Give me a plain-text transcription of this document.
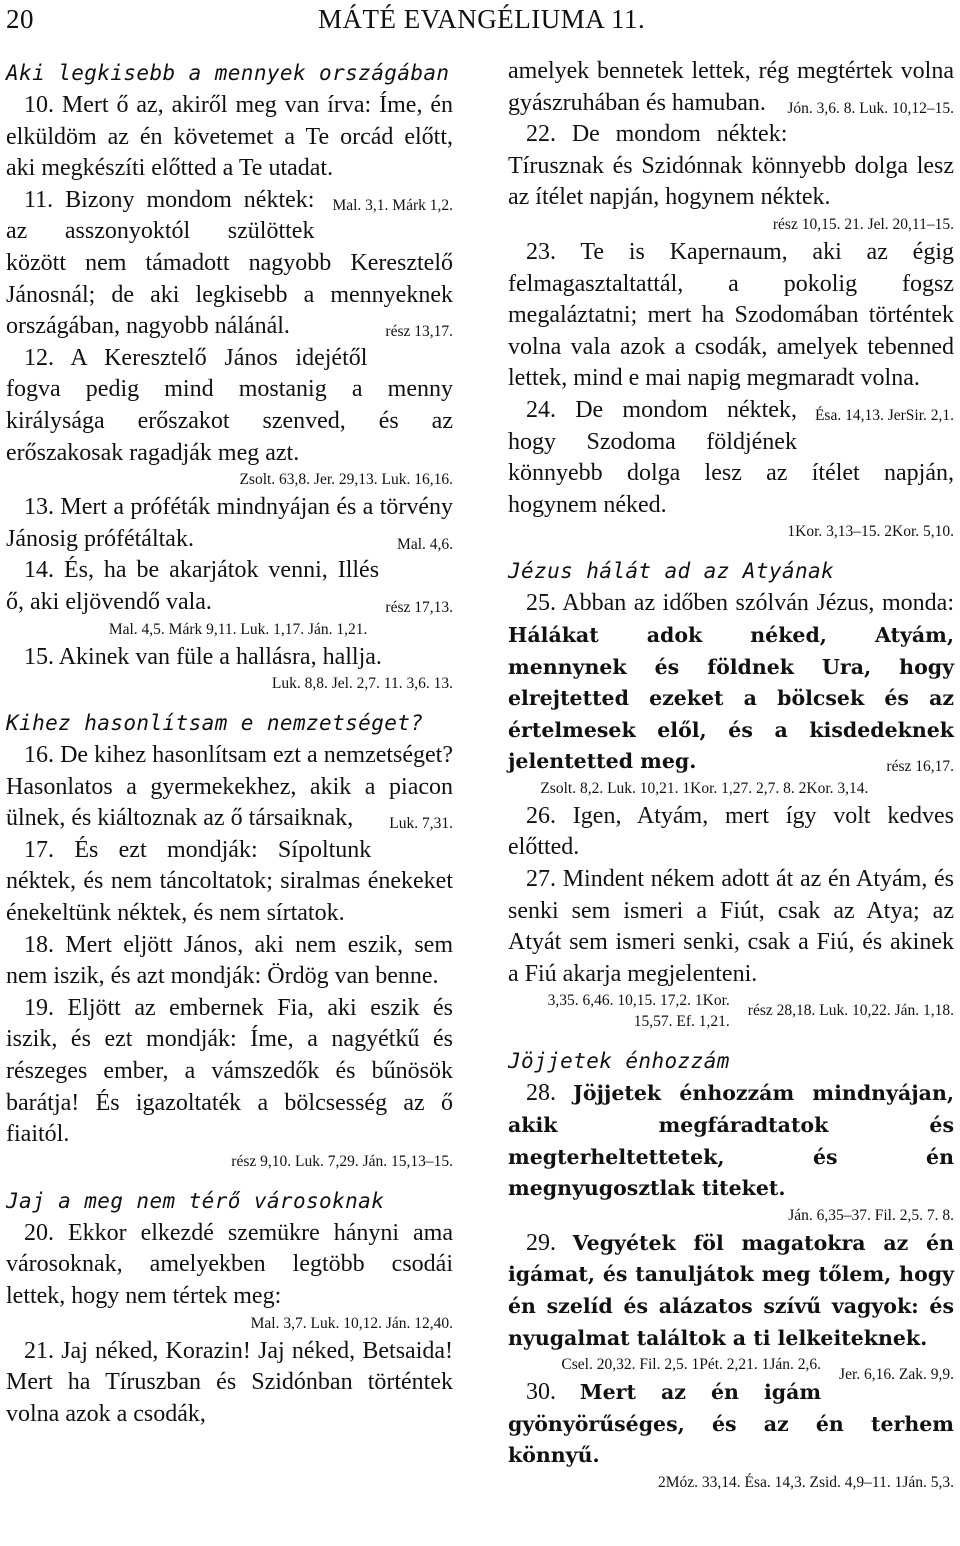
20	MÁTÉ EVANGÉLIUMA 11.
Aki legkisebb a mennyek országában

10. Mert ő az, akiről meg van írva: Íme, én elküldöm az én követemet a Te orcád előtt, aki megkészíti előtted a Te utadat.
Mal. 3,1. Márk 1,2.

11. Bizony mondom néktek: az asszonyoktól szülöttek között nem támadott nagyobb Keresztelő Jánosnál; de aki legkisebb a mennyeknek országában, nagyobb nálánál.	rész 13,17.

12. A Keresztelő János idejétől fogva pedig mind mostanig a menny királysága erőszakot szenved, és az erőszakosak ragadják meg azt.

Zsolt. 63,8. Jer. 29,13. Luk. 16,16.

13. Mert a próféták mindnyájan és a törvény Jánosig prófétáltak.	Mal. 4,6.

14. És, ha be akarjátok venni, Illés ő, aki eljövendő vala.	rész 17,13.

Mal. 4,5. Márk 9,11. Luk. 1,17. Ján. 1,21.

15. Akinek van füle a hallásra, hallja.

Luk. 8,8. Jel. 2,7. 11. 3,6. 13.

Kihez hasonlítsam e nemzetséget?

16. De kihez hasonlítsam ezt a nemzetséget? Hasonlatos a gyermekekhez, akik a piacon ülnek, és kiáltoznak az ő társaiknak,	Luk. 7,31.

17. És ezt mondják: Sípoltunk néktek, és nem táncoltatok; siralmas énekeket énekeltünk néktek, és nem sírtatok.

18. Mert eljött János, aki nem eszik, sem nem iszik, és azt mondják: Ördög van benne.

19. Eljött az embernek Fia, aki eszik és iszik, és ezt mondják: Íme, a nagyétkű és részeges ember, a vámszedők és bűnösök barátja! És igazoltaték a bölcsesség az ő fiaitól.

rész 9,10. Luk. 7,29. Ján. 15,13–15.

Jaj a meg nem térő városoknak

20. Ekkor elkezdé szemükre hányni ama városoknak, amelyekben legtöbb csodái lettek, hogy nem tértek meg:

Mal. 3,7. Luk. 10,12. Ján. 12,40.

21. Jaj néked, Korazin! Jaj néked, Betsaida! Mert ha Tíruszban és Szidónban történtek volna azok a csodák,

amelyek bennetek lettek, rég megtértek volna gyászruhában és hamuban. Jón. 3,6. 8. Luk. 10,12–15.

22. De mondom néktek: Tírusznak és Szidónnak könnyebb dolga lesz az ítélet napján, hogynem néktek.

rész 10,15. 21. Jel. 20,11–15.

23. Te is Kapernaum, aki az égig felmagasztaltattál, a pokolig fogsz megaláztatni; mert ha Szodomában történtek volna vala azok a csodák, amelyek tebenned lettek, mind e mai napig megmaradt volna.
Ésa. 14,13. JerSir. 2,1.

24. De mondom néktek, hogy Szodoma földjének könnyebb dolga lesz az ítélet napján, hogynem néked.

1Kor. 3,13–15. 2Kor. 5,10.

Jézus hálát ad az Atyának

25. Abban az időben szólván Jézus, monda: Hálákat adok néked, Atyám, mennynek és földnek Ura, hogy elrejtetted ezeket a bölcsek és az értelmesek elől, és a kisdedeknek jelentetted meg.	rész 16,17.

Zsolt. 8,2. Luk. 10,21. 1Kor. 1,27. 2,7. 8. 2Kor. 3,14.

26. Igen, Atyám, mert így volt kedves előtted.

27. Mindent nékem adott át az én Atyám, és senki sem ismeri a Fiút, csak az Atya; az Atyát sem ismeri senki, csak a Fiú, és akinek a Fiú akarja megjelenteni.
rész 28,18. Luk. 10,22. Ján. 1,18.

3,35. 6,46. 10,15. 17,2. 1Kor. 15,57. Ef. 1,21.

Jöjjetek énhozzám

28. Jöjjetek énhozzám mindnyájan, akik megfáradtatok és megterheltettetek, és én megnyugosztlak titeket.

Ján. 6,35–37. Fil. 2,5. 7. 8.

29. Vegyétek föl magatokra az én igámat, és tanuljátok meg tőlem, hogy én szelíd és alázatos szívű vagyok: és nyugalmat találtok a ti lelkeiteknek.
Jer. 6,16. Zak. 9,9.

Csel. 20,32. Fil. 2,5. 1Pét. 2,21. 1Ján. 2,6.

30. Mert az én igám gyönyörűséges, és az én terhem könnyű.

2Móz. 33,14. Ésa. 14,3. Zsid. 4,9–11. 1Ján. 5,3.
